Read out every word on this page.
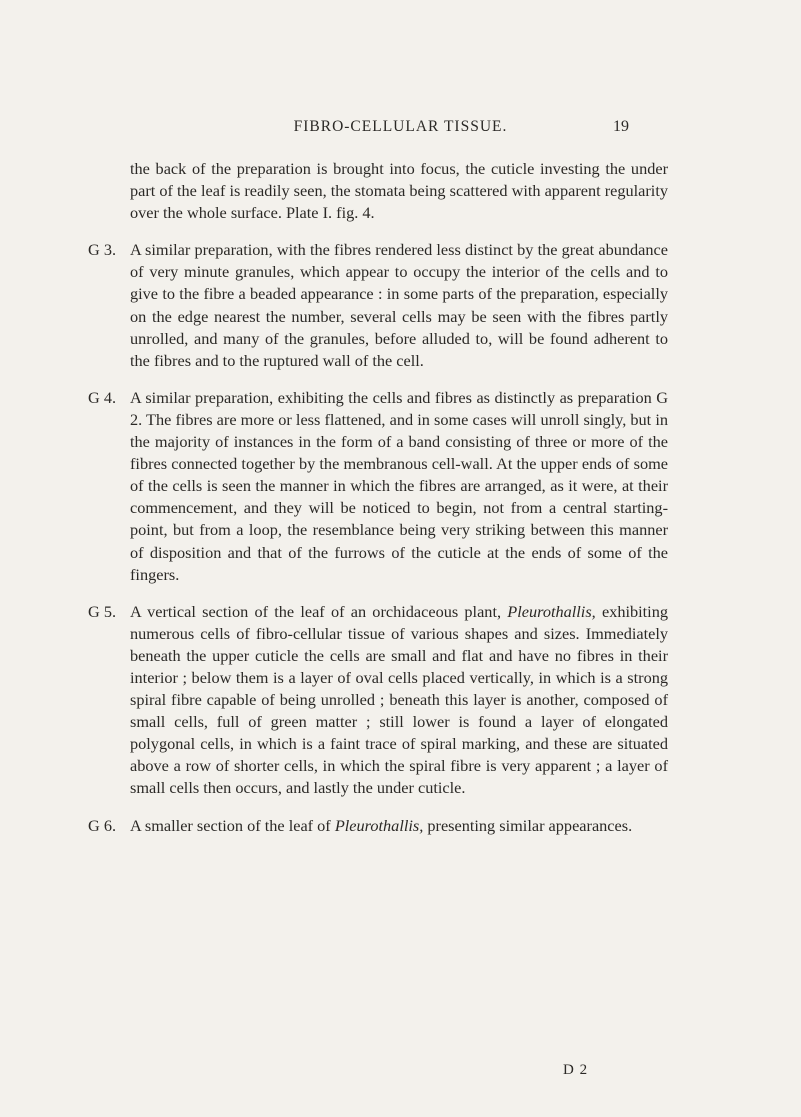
FIBRO-CELLULAR TISSUE.	19

the back of the preparation is brought into focus, the cuticle investing the under part of the leaf is readily seen, the stomata being scattered with apparent regularity over the whole surface. Plate I. fig. 4.

G 3. A similar preparation, with the fibres rendered less distinct by the great abundance of very minute granules, which appear to occupy the interior of the cells and to give to the fibre a beaded appearance : in some parts of the preparation, especially on the edge nearest the number, several cells may be seen with the fibres partly unrolled, and many of the granules, before alluded to, will be found adherent to the fibres and to the ruptured wall of the cell.

G 4. A similar preparation, exhibiting the cells and fibres as distinctly as preparation G 2. The fibres are more or less flattened, and in some cases will unroll singly, but in the majority of instances in the form of a band consisting of three or more of the fibres connected together by the membranous cell-wall. At the upper ends of some of the cells is seen the manner in which the fibres are arranged, as it were, at their commencement, and they will be noticed to begin, not from a central starting-point, but from a loop, the resemblance being very striking between this manner of disposition and that of the furrows of the cuticle at the ends of some of the fingers.

G 5. A vertical section of the leaf of an orchidaceous plant, Pleurothallis, exhibiting numerous cells of fibro-cellular tissue of various shapes and sizes. Immediately beneath the upper cuticle the cells are small and flat and have no fibres in their interior ; below them is a layer of oval cells placed vertically, in which is a strong spiral fibre capable of being unrolled ; beneath this layer is another, composed of small cells, full of green matter ; still lower is found a layer of elongated polygonal cells, in which is a faint trace of spiral marking, and these are situated above a row of shorter cells, in which the spiral fibre is very apparent ; a layer of small cells then occurs, and lastly the under cuticle.

G 6. A smaller section of the leaf of Pleurothallis, presenting similar appearances.

D 2
